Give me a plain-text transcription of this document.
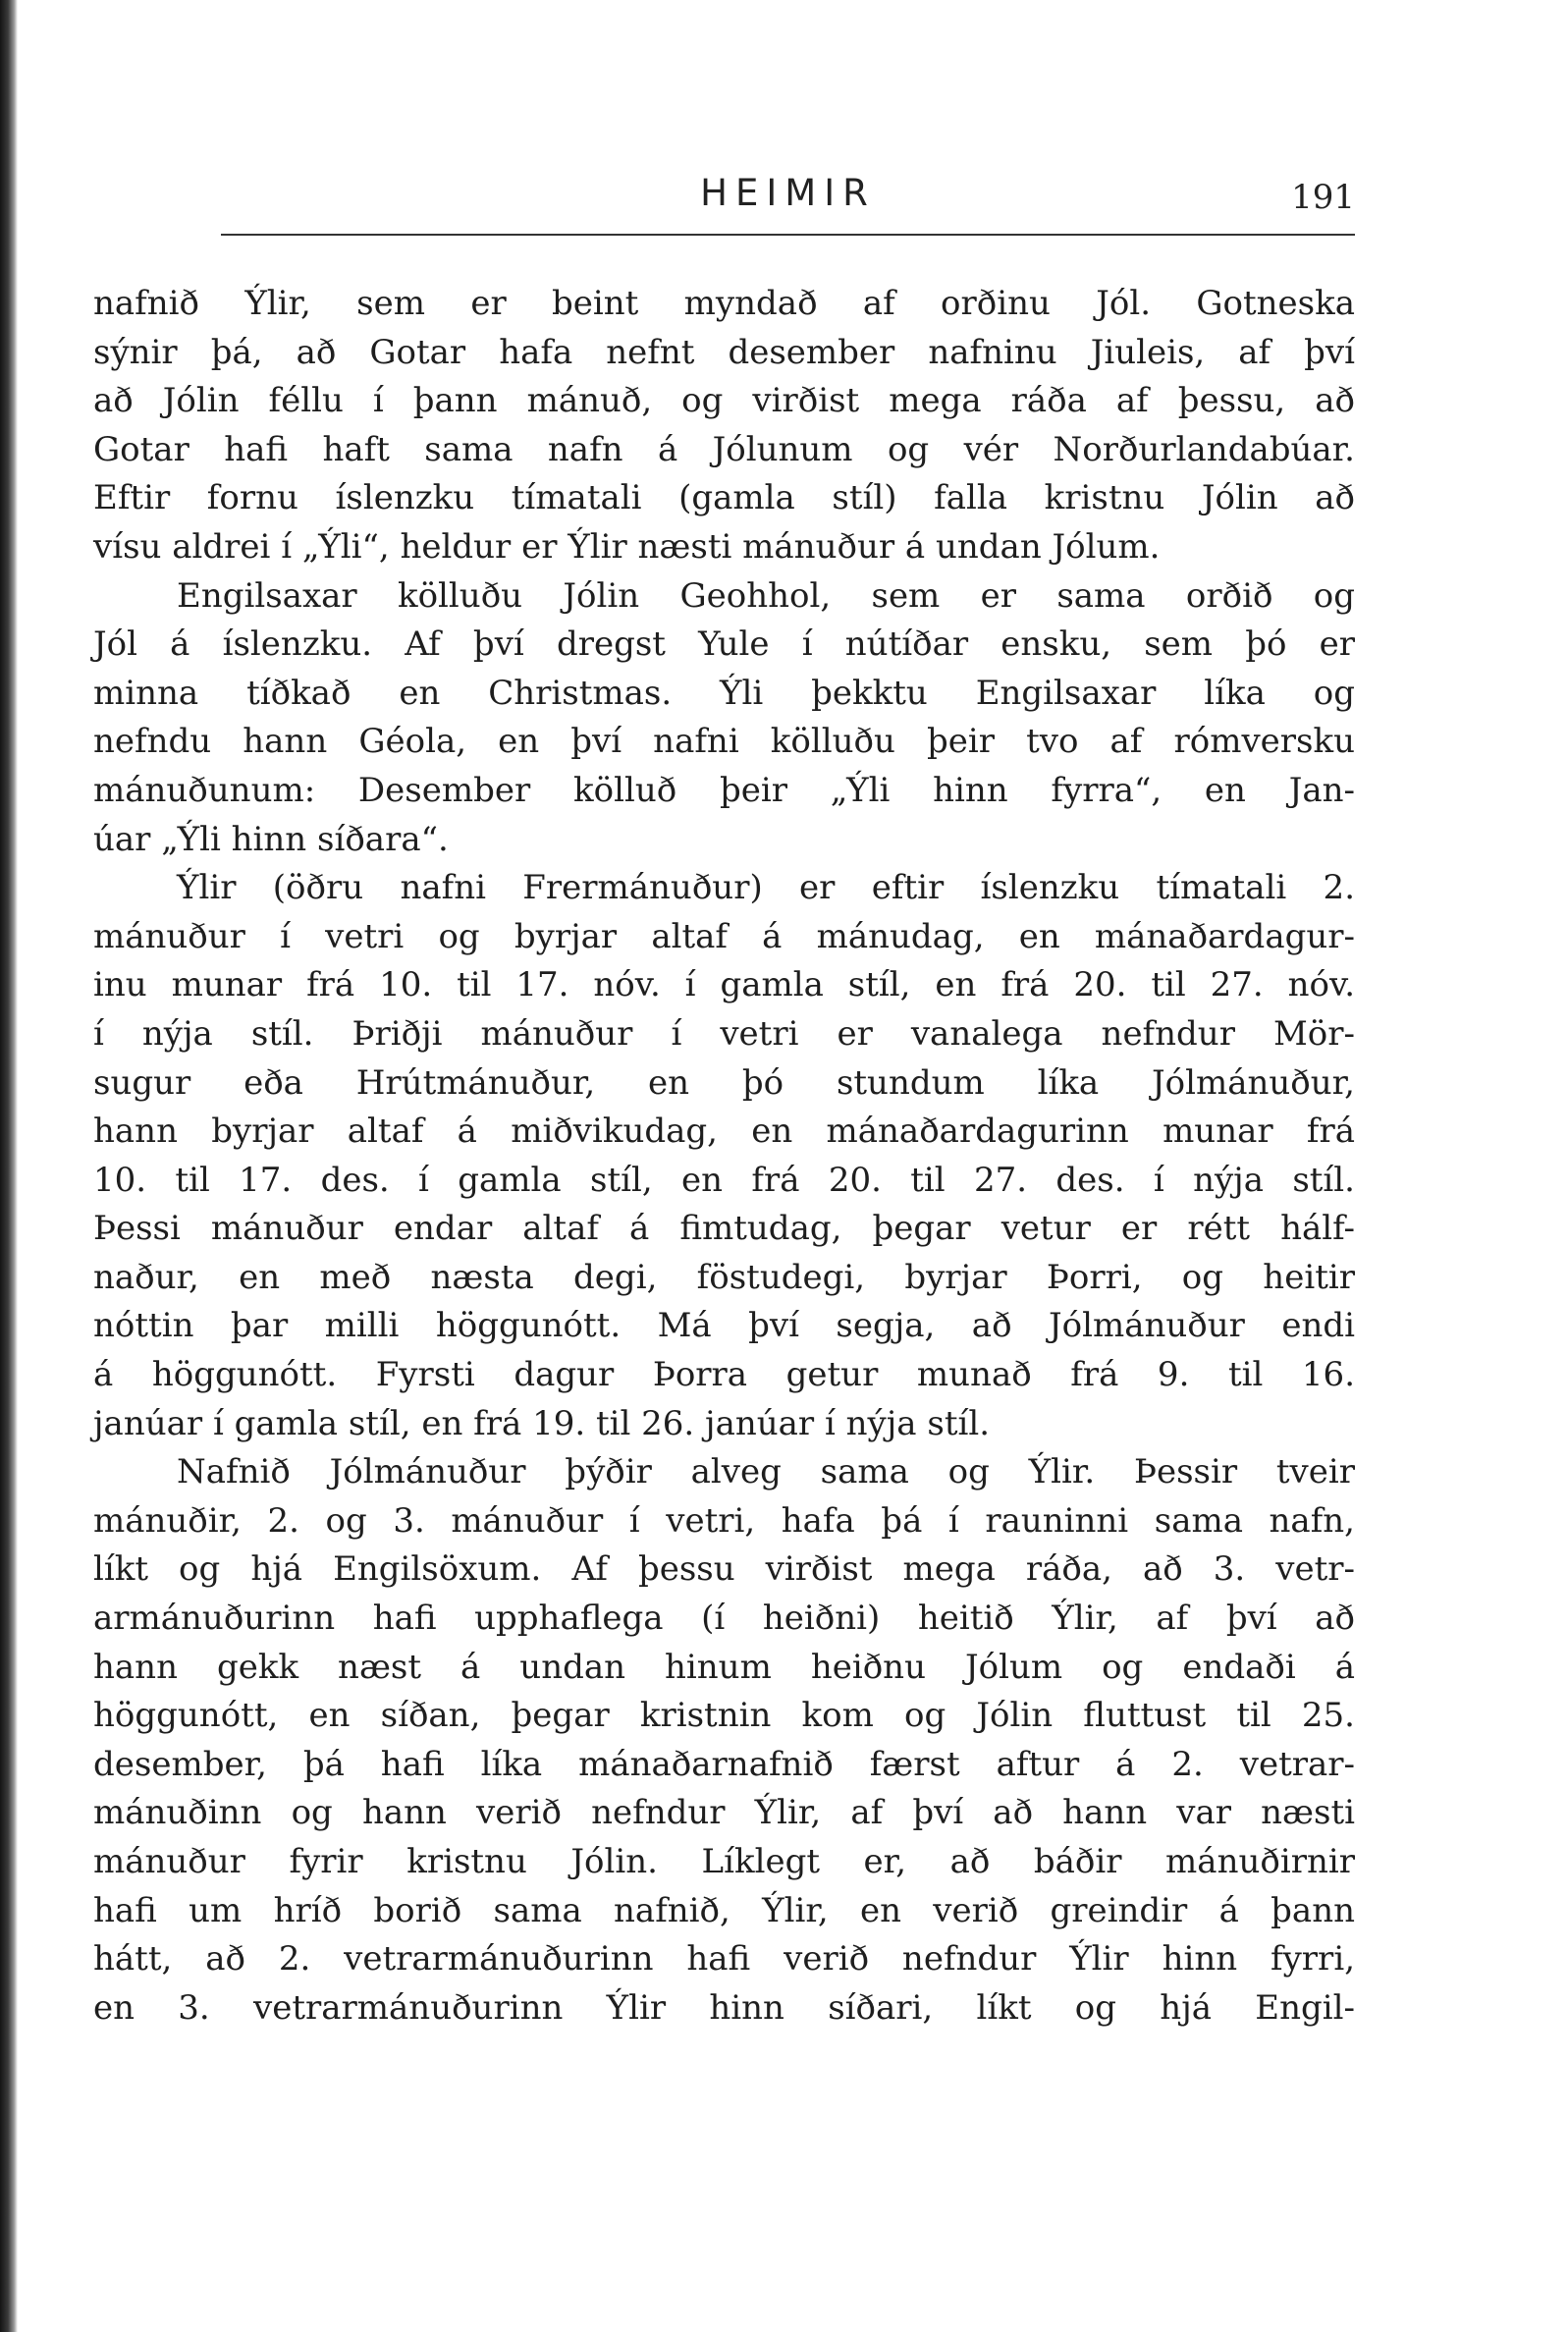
HEIMIR	191
nafnið Ýlir, sem er beint myndað af orðinu Jól. Gotneska
sýnir þá, að Gotar hafa nefnt desember nafninu Jiuleis, af því
að Jólin féllu í þann mánuð, og virðist mega ráða af þessu, að
Gotar hafi haft sama nafn á Jólunum og vér Norðurlandabúar.
Eftir fornu íslenzku tímatali (gamla stíl) falla kristnu Jólin að
vísu aldrei í „Ýli“, heldur er Ýlir næsti mánuður á undan Jólum.
Engilsaxar kölluðu Jólin Geohhol, sem er sama orðið og
Jól á íslenzku. Af því dregst Yule í nútíðar ensku, sem þó er
minna tíðkað en Christmas. Ýli þekktu Engilsaxar líka og
nefndu hann Géola, en því nafni kölluðu þeir tvo af rómversku
mánuðunum: Desember kölluð þeir „Ýli hinn fyrra“, en Jan-
úar „Ýli hinn síðara“.
Ýlir (öðru nafni Frermánuður) er eftir íslenzku tímatali 2.
mánuður í vetri og byrjar altaf á mánudag, en mánaðardagur-
inu munar frá 10. til 17. nóv. í gamla stíl, en frá 20. til 27. nóv.
í nýja stíl. Þriðji mánuður í vetri er vanalega nefndur Mör-
sugur eða Hrútmánuður, en þó stundum líka Jólmánuður,
hann byrjar altaf á miðvikudag, en mánaðardagurinn munar frá
10. til 17. des. í gamla stíl, en frá 20. til 27. des. í nýja stíl.
Þessi mánuður endar altaf á fimtudag, þegar vetur er rétt hálf-
naður, en með næsta degi, föstudegi, byrjar Þorri, og heitir
nóttin þar milli höggunótt. Má því segja, að Jólmánuður endi
á höggunótt. Fyrsti dagur Þorra getur munað frá 9. til 16.
janúar í gamla stíl, en frá 19. til 26. janúar í nýja stíl.
Nafnið Jólmánuður þýðir alveg sama og Ýlir. Þessir tveir
mánuðir, 2. og 3. mánuður í vetri, hafa þá í rauninni sama nafn,
líkt og hjá Engilsöxum. Af þessu virðist mega ráða, að 3. vetr-
armánuðurinn hafi upphaflega (í heiðni) heitið Ýlir, af því að
hann gekk næst á undan hinum heiðnu Jólum og endaði á
höggunótt, en síðan, þegar kristnin kom og Jólin fluttust til 25.
desember, þá hafi líka mánaðarnafnið færst aftur á 2. vetrar-
mánuðinn og hann verið nefndur Ýlir, af því að hann var næsti
mánuður fyrir kristnu Jólin. Líklegt er, að báðir mánuðirnir
hafi um hríð borið sama nafnið, Ýlir, en verið greindir á þann
hátt, að 2. vetrarmánuðurinn hafi verið nefndur Ýlir hinn fyrri,
en 3. vetrarmánuðurinn Ýlir hinn síðari, líkt og hjá Engil-
